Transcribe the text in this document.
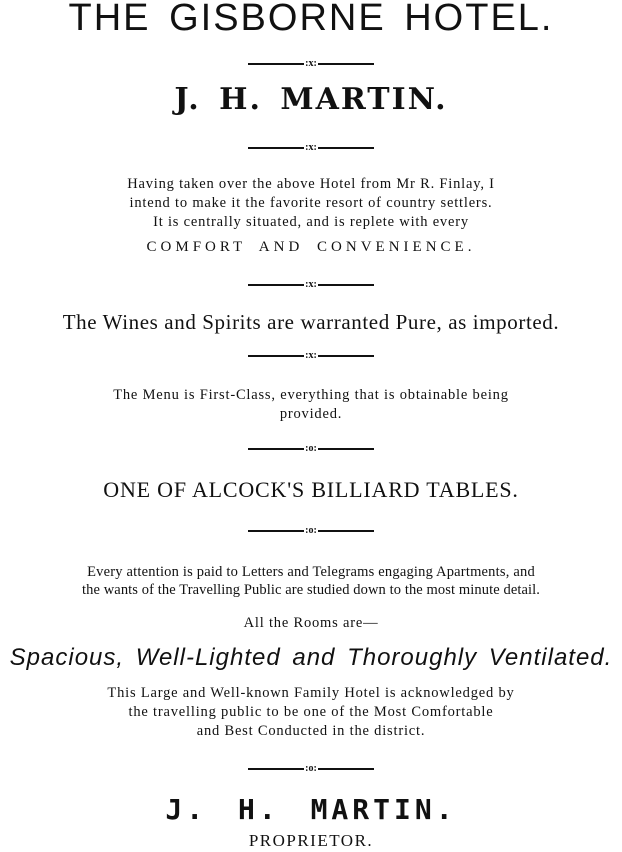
THE GISBORNE HOTEL.

:x:

J. H. MARTIN.

:x:

Having taken over the above Hotel from Mr R. Finlay, I

intend to make it the favorite resort of country settlers.

It is centrally situated, and is replete with every

COMFORT AND CONVENIENCE.

:x:

The Wines and Spirits are warranted Pure, as imported.

:x:

The Menu is First-Class, everything that is obtainable being

provided.

:o:

ONE OF ALCOCK'S BILLIARD TABLES.

:o:

Every attention is paid to Letters and Telegrams engaging Apartments, and

the wants of the Travelling Public are studied down to the most minute detail.

All the Rooms are—

Spacious, Well-Lighted and Thoroughly Ventilated.

This Large and Well-known Family Hotel is acknowledged by

the travelling public to be one of the Most Comfortable

and Best Conducted in the district.

:o:

J. H. MARTIN.

PROPRIETOR.
